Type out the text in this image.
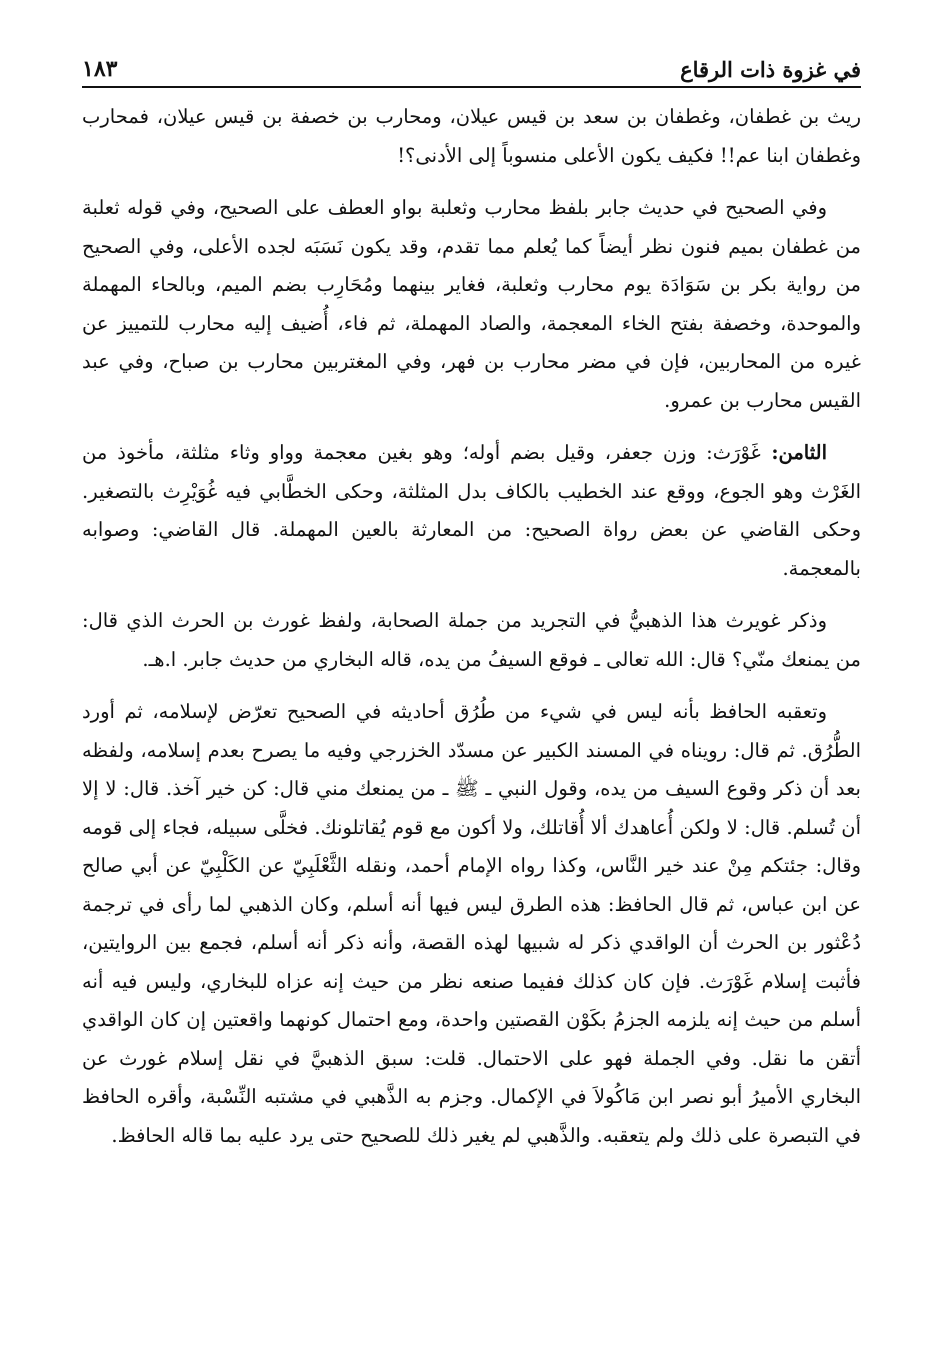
في غزوة ذات الرقاع
١٨٣

ريث بن غطفان، وغطفان بن سعد بن قيس عيلان، ومحارب بن خصفة بن قيس عيلان، فمحارب وغطفان ابنا عم!! فكيف يكون الأعلى منسوباً إلى الأدنى؟!

وفي الصحيح في حديث جابر بلفظ محارب وثعلبة بواو العطف على الصحيح، وفي قوله ثعلبة من غطفان بميم فنون نظر أيضاً كما يُعلم مما تقدم، وقد يكون نَسَبَه لجده الأعلى، وفي الصحيح من رواية بكر بن سَوَادَة يوم محارب وثعلبة، فغاير بينهما ومُحَارِب بضم الميم، وبالحاء المهملة والموحدة، وخصفة بفتح الخاء المعجمة، والصاد المهملة، ثم فاء، أُضيف إليه محارب للتمييز عن غيره من المحاربين، فإن في مضر محارب بن فهر، وفي المغتربين محارب بن صباح، وفي عبد القيس محارب بن عمرو.

الثامن: غَوْرَث: وزن جعفر، وقيل بضم أوله؛ وهو بغين معجمة وواو وثاء مثلثة، مأخوذ من الغَرْث وهو الجوع، ووقع عند الخطيب بالكاف بدل المثلثة، وحكى الخطَّابي فيه غُوَيْرِث بالتصغير. وحكى القاضي عن بعض رواة الصحيح: من المعارثة بالعين المهملة. قال القاضي: وصوابه بالمعجمة.

وذكر غويرث هذا الذهبيُّ في التجريد من جملة الصحابة، ولفظ غورث بن الحرث الذي قال: من يمنعك منّي؟ قال: الله تعالى ـ فوقع السيفُ من يده، قاله البخاري من حديث جابر. ا.هـ.

وتعقبه الحافظ بأنه ليس في شيء من طُرُق أحاديثه في الصحيح تعرّض لإسلامه، ثم أورد الطُّرُق. ثم قال: رويناه في المسند الكبير عن مسدّد الخزرجي وفيه ما يصرح بعدم إسلامه، ولفظه بعد أن ذكر وقوع السيف من يده، وقول النبي ـ ﷺ ـ من يمنعك مني قال: كن خير آخذ. قال: لا إلا أن تُسلم. قال: لا ولكن أُعاهدك ألا أُقاتلك، ولا أكون مع قوم يُقاتلونك. فخلَّى سبيله، فجاء إلى قومه وقال: جئتكم مِنْ عند خير النَّاس، وكذا رواه الإمام أحمد، ونقله الثَّعْلَبِيّ عن الكَلْبِيّ عن أبي صالح عن ابن عباس، ثم قال الحافظ: هذه الطرق ليس فيها أنه أسلم، وكان الذهبي لما رأى في ترجمة دُعْثور بن الحرث أن الواقدي ذكر له شبيها لهذه القصة، وأنه ذكر أنه أسلم، فجمع بين الروايتين، فأثبت إسلام غَوْرَث. فإن كان كذلك ففيما صنعه نظر من حيث إنه عزاه للبخاري، وليس فيه أنه أسلم من حيث إنه يلزمه الجزمُ بكَوْن القصتين واحدة، ومع احتمال كونهما واقعتين إن كان الواقدي أتقن ما نقل. وفي الجملة فهو على الاحتمال. قلت: سبق الذهبيَّ في نقل إسلام غورث عن البخاري الأميرُ أبو نصر ابن مَاكُولاَ في الإكمال. وجزم به الذَّهبي في مشتبه النِّسْبة، وأقره الحافظ في التبصرة على ذلك ولم يتعقبه. والذَّهبي لم يغير ذلك للصحيح حتى يرد عليه بما قاله الحافظ.
